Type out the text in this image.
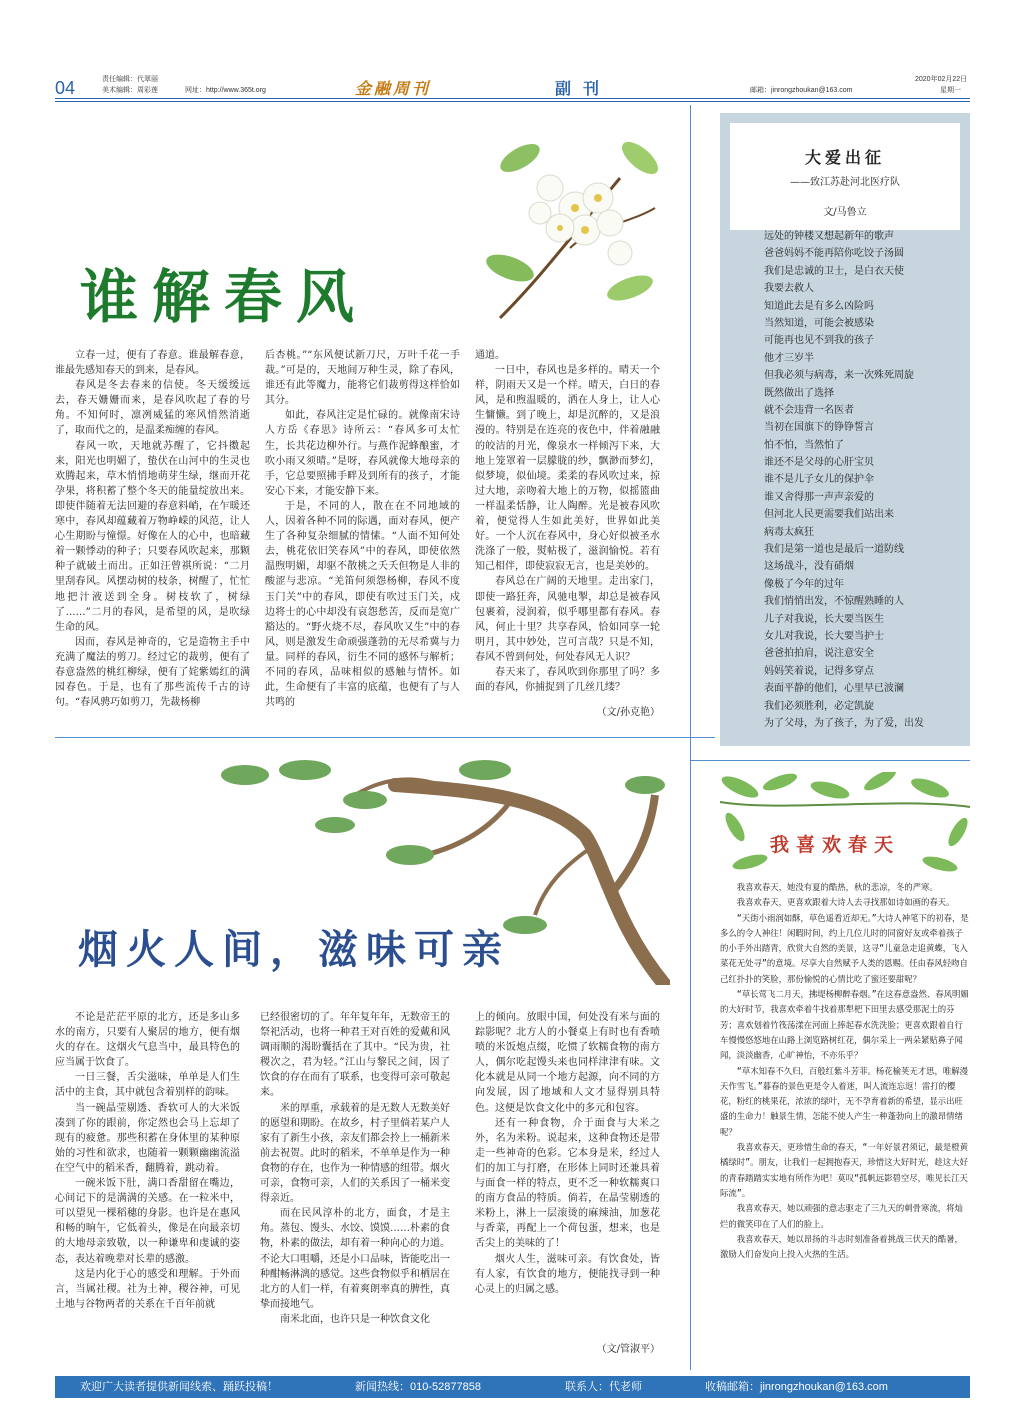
04	责任编辑：代翠丽
美术编辑：周彩莲	网址：http://www.365t.org	金融周刊	副刊	邮箱：jinrongzhoukan@163.com
2020年02月22日
星期一
谁解春风

立春一过，便有了春意。谁最解春意，谁最先感知春天的到来，是春风。

春风是冬去春来的信使。冬天缓缓远去，春天姗姗而来，是春风吹起了春的号角。不知何时，凛冽威猛的寒风悄然消逝了，取而代之的，是温柔痴缠的春风。

春风一吹，天地就苏醒了，它抖擞起来，阳光也明媚了，蛰伏在山河中的生灵也欢腾起来，草木悄悄地萌芽生绿，继而开花孕果，将积蓄了整个冬天的能量绽放出来。即使伴随着无法回避的春意料峭，在乍暖还寒中，春风却蕴藏着万物峥嵘的风范，让人心生期盼与憧憬。好像在人的心中，也暗藏着一颗悸动的种子；只要春风吹起来，那颗种子就破土而出。正如汪曾祺所说：“二月里刮春风。风摆动树的枝条，树醒了，忙忙地把汁液送到全身。树枝软了，树绿了……”二月的春风，是希望的风，是吹绿生命的风。

因而，春风是神奇的，它是造物主手中充满了魔法的剪刀。经过它的裁剪，便有了春意盎然的桃红柳绿，便有了姹紫嫣红的满园春色。于是，也有了那些流传千古的诗句。“春风骋巧如剪刀，先裁杨柳

后杏桃。”“东风便试新刀尺，万叶千花一手裁。”可是的，天地间万种生灵，除了春风，谁还有此等魔力，能将它们裁剪得这样恰如其分。

如此，春风注定是忙碌的。就像南宋诗人方岳《春思》诗所云：“春风多可太忙生，长共花边柳外行。与燕作泥蜂酿蜜，才吹小雨又须晴。”是呀，春风就像大地母亲的手，它总要照拂手畔及到所有的孩子，才能安心下来，才能安静下来。

于是，不同的人，散在在不同地域的人，因着各种不同的际遇，面对春风，便产生了各种复杂细腻的情愫。“人面不知何处去，桃花依旧笑春风”中的春风，即使依然温煦明媚，却驱不散桃之夭夭但物是人非的酸涩与悲凉。“羌笛何须怨杨柳，春风不度玉门关”中的春风，即使有吹过玉门关，戍边将士的心中却没有哀怨愁苦，反而是宽广豁达的。“野火烧不尽，春风吹又生”中的春风，则是激发生命顽强蓬勃的无尽希冀与力量。同样的春风，衍生不同的感怀与解析；不同的春风，品味相似的感触与情怀。如此，生命便有了丰富的底蕴，也便有了与人共鸣的

通道。

一日中，春风也是多样的。晴天一个样，阴雨天又是一个样。晴天，白日的春风，是和煦温暖的，洒在人身上，让人心生慵懒。到了晚上，却是沉醉的，又是浪漫的。特别是在连亮的夜色中，伴着融融的皎洁的月光，像泉水一样倾泻下来，大地上笼罩着一层朦胧的纱，飘渺而梦幻，似梦境，似仙境。柔柔的春风吹过来，掠过大地，亲吻着大地上的万物，似摇篮曲一样温柔恬静，让人陶醉。光是被春风吹着，便觉得人生如此美好，世界如此美好。一个人沉在春风中，身心好似被圣水洗涤了一般，熨帖极了，滋润愉悦。若有知己相伴，即使寂寂无言，也是美妙的。

春风总在广阔的天地里。走出家门，即使一路狂奔，风驰电掣，却总是被春风包裹着，浸润着，似乎哪里都有春风。春风，何止十里？共享春风，恰如同享一轮明月，其中妙处，岂可言哉？只是不知，春风不曾到何处，何处春风无人识？

春天来了，春风吹到你那里了吗？多面的春风，你捕捉到了几丝几缕？

（文/孙克艳）
大爱出征
——致江苏赴河北医疗队
文/马鲁立
远处的钟楼又想起新年的歌声
爸爸妈妈不能再陪你吃饺子汤圆
我们是忠诚的卫士，是白衣天使
我要去救人
知道此去是有多么凶险吗
当然知道，可能会被感染
可能再也见不到我的孩子
他才三岁半
但我必须与病毒，来一次殊死周旋
既然做出了选择
就不会违背一名医者
当初在国旗下的铮铮誓言
怕不怕，当然怕了
谁还不是父母的心肝宝贝
谁不是儿子女儿的保护伞
谁又舍得那一声声亲爱的
但河北人民更需要我们站出来
病毒太疯狂
我们是第一道也是最后一道防线
这场战斗，没有硝烟
像极了今年的过年
我们悄悄出发，不惊醒熟睡的人
儿子对我说，长大要当医生
女儿对我说，长大要当护士
爸爸拍拍肩，说注意安全
妈妈笑着说，记得多穿点
表面平静的他们，心里早已波澜
我们必须胜利，必定凯旋
为了父母，为了孩子，为了爱，出发
烟火人间，滋味可亲

不论是茫茫平原的北方，还是多山多水的南方，只要有人聚居的地方，便有烟火的存在。这烟火气息当中，最具特色的应当属于饮食了。

一日三餐，舌尖滋味，单单是人们生活中的主食，其中就包含着别样的韵味。

当一碗晶莹剔透、香软可人的大米饭凑到了你的跟前，你定然也会马上忘却了现有的疲惫。那些积蓄在身体里的某种原始的习性和欲求，也随着一颗颗幽幽流溢在空气中的稻米香，翻腾着，跳动着。

一碗米饭下肚，满口香甜留在嘴边，心间记下的是满满的关感。在一粒米中，可以望见一棵稻穗的身影。也许是在惠风和畅的晌午，它低着头，像是在向最亲切的大地母亲致敬，以一种谦卑和虔诚的姿态，表达着晚辈对长辈的感激。

这是内化于心的感受和理解。于外而言，当属社稷。社为土神，稷谷神，可见土地与谷物两者的关系在千百年前就

已经很密切的了。年年复年年，无数帝王的祭祀活动，也将一种君王对百姓的爱戴和风调雨顺的渴盼囊括在了其中。“民为贵，社稷次之，君为轻。”江山与黎民之间，因了饮食的存在而有了联系，也变得可亲可敬起来。

米的厚重，承载着的是无数人无数美好的愿望和期盼。在故乡，村子里倘若某户人家有了新生小孩，亲友们都会拎上一桶新米前去祝贺。此时的稻米，不单单是作为一种食物的存在，也作为一种情感的纽带。烟火可亲，食物可亲，人们的关系因了一桶米变得亲近。

而在民风淳朴的北方，面食，才是主角。蒸包、馒头、水饺、馍馍……朴素的食物，朴素的做法，却有着一种向心的力道。不论大口咀嚼，还是小口品味，皆能吃出一种酣畅淋漓的感觉。这些食物似乎和栖居在北方的人们一样，有着爽朗率真的脾性，真挚而接地气。

南米北面，也许只是一种饮食文化

上的倾向。放眼中国，何处没有米与面的踪影呢？北方人的小餐桌上有时也有香喷喷的米饭炮点缀，吃惯了软糯食物的南方人，偶尔吃起馒头来也同样津津有味。文化本就是从同一个地方起源，向不同的方向发展，因了地域和人文才显得别具特色。这便是饮食文化中的多元和包容。

还有一种食物，介于面食与大米之外，名为米粉。说起来，这种食物还是带走一些神奇的色彩。它本身是米，经过人们的加工与打磨，在形体上同时还兼具着与面食一样的特点，更不乏一种软糯爽口的南方食品的特质。倘若，在晶莹剔透的米粉上，淋上一层滚烫的麻辣油，加葱花与香菜，再配上一个荷包蛋，想来，也是舌尖上的美味的了！

烟火人生，滋味可亲。有饮食处，皆有人家，有饮食的地方，便能找寻到一种心灵上的归属之感。

（文/管淑平）
我喜欢春天

我喜欢春天，她没有夏的酷热，秋的悲凉，冬的严寒。

我喜欢春天，更喜欢跟着大诗人去寻找那如诗如画的春天。

“天街小雨润如酥，草色遥看近却无。”大诗人神笔下的初春，是多么的令人神往！闲暇时间，约上几位儿时的同窗好友或牵着孩子的小手外出踏青，欣赏大自然的美景，这寻“儿童急走追黄蝶，飞入菜花无处寻”的意境。尽享大自然赋予人类的恩赐。任由春风轻吻自己红扑扑的笑脸，那份愉悦的心情比吃了蜜还要甜呢？

“草长莺飞二月天，拂堤杨柳醉春烟。”在这春意盎然、春风明媚的大好时节，我喜欢牵着牛找着那犁杷下田里去感受那泥土的芬芳；喜欢划着竹筏荡漾在河面上捧起春水洗洗脸；更喜欢跟着自行车慢慢悠悠地在山路上浏览路树红花，偶尔采上一两朵紧贴鼻子闻闻，淡淡幽香，心旷神怡，不亦乐乎？

“草木知春不久归，百般红紫斗芳菲。杨花榆荚无才思，唯解漫天作雪飞。”暮春的景色更是令人着迷，叫人流连忘返！雷打的樱花，粉红的桃果花，浓浓的绿叶，无不孕育着新的希望，显示出旺盛的生命力！触景生情，怎能不使人产生一种蓬勃向上的激昂情绪呢？

我喜欢春天，更珍惜生命的春天，“一年好景君须记，最是橙黄橘绿时”。朋友，让我们一起拥抱春天，珍惜这大好时光，趁这大好的青春踏踏实实地有所作为吧！莫叹“孤帆远影碧空尽，唯见长江天际流”。

我喜欢春天，她以顽强的意志驱走了三九天的刺骨寒流，将灿烂的微笑印在了人们的脸上。

我喜欢春天，她以昂扬的斗志时刻准备着挑战三伏天的酷暑，激励人们奋发向上投入火热的生活。

欢迎广大读者提供新闻线索、踊跃投稿！	新闻热线：010-52877858	联系人：代老师	收稿邮箱：jinrongzhoukan@163.com
